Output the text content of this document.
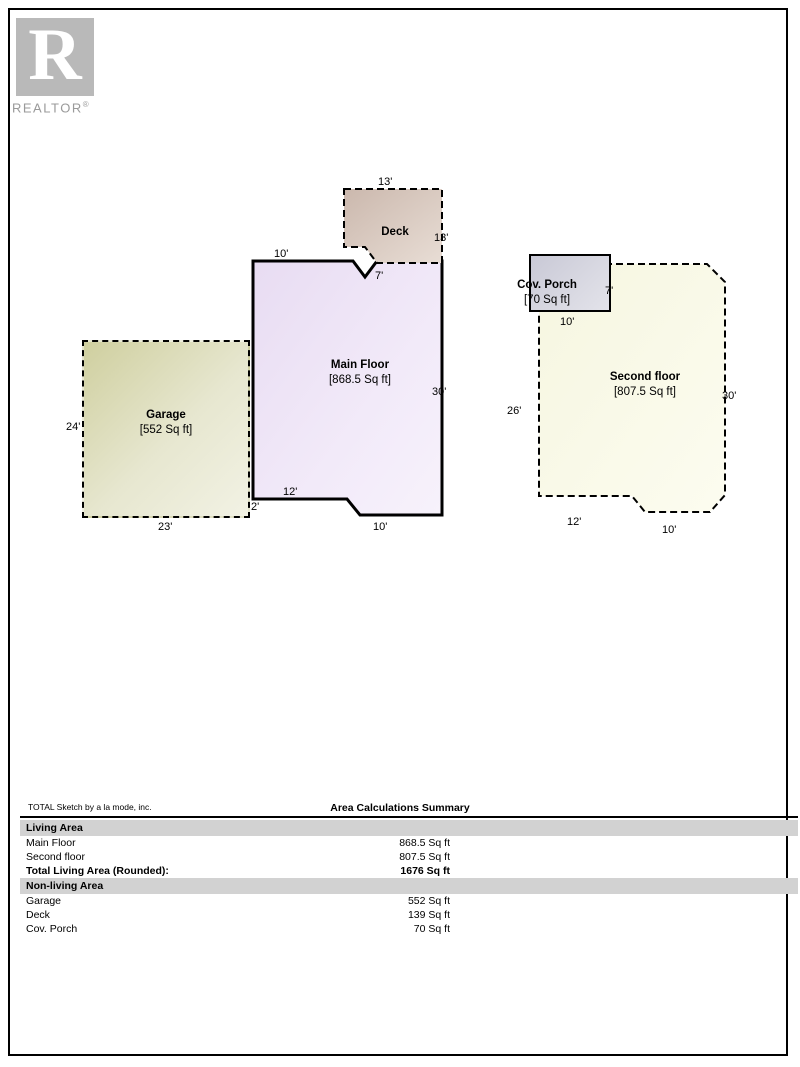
R
REALTOR®
Garage
[552 Sq ft]
Main Floor
[868.5 Sq ft]
Deck
Second floor
[807.5 Sq ft]
Cov. Porch
[70 Sq ft]
24'
23'
2'
10'
7'
30'
12'
10'
13'
13'
7'
10'
26'
30'
12'
10'
TOTAL Sketch by a la mode, inc.	Area Calculations Summary
Living Area
Main Floor	868.5 Sq ft
Second floor	807.5 Sq ft
Total Living Area (Rounded):	1676 Sq ft
Non-living Area
Garage	552 Sq ft
Deck	139 Sq ft
Cov. Porch	70 Sq ft
